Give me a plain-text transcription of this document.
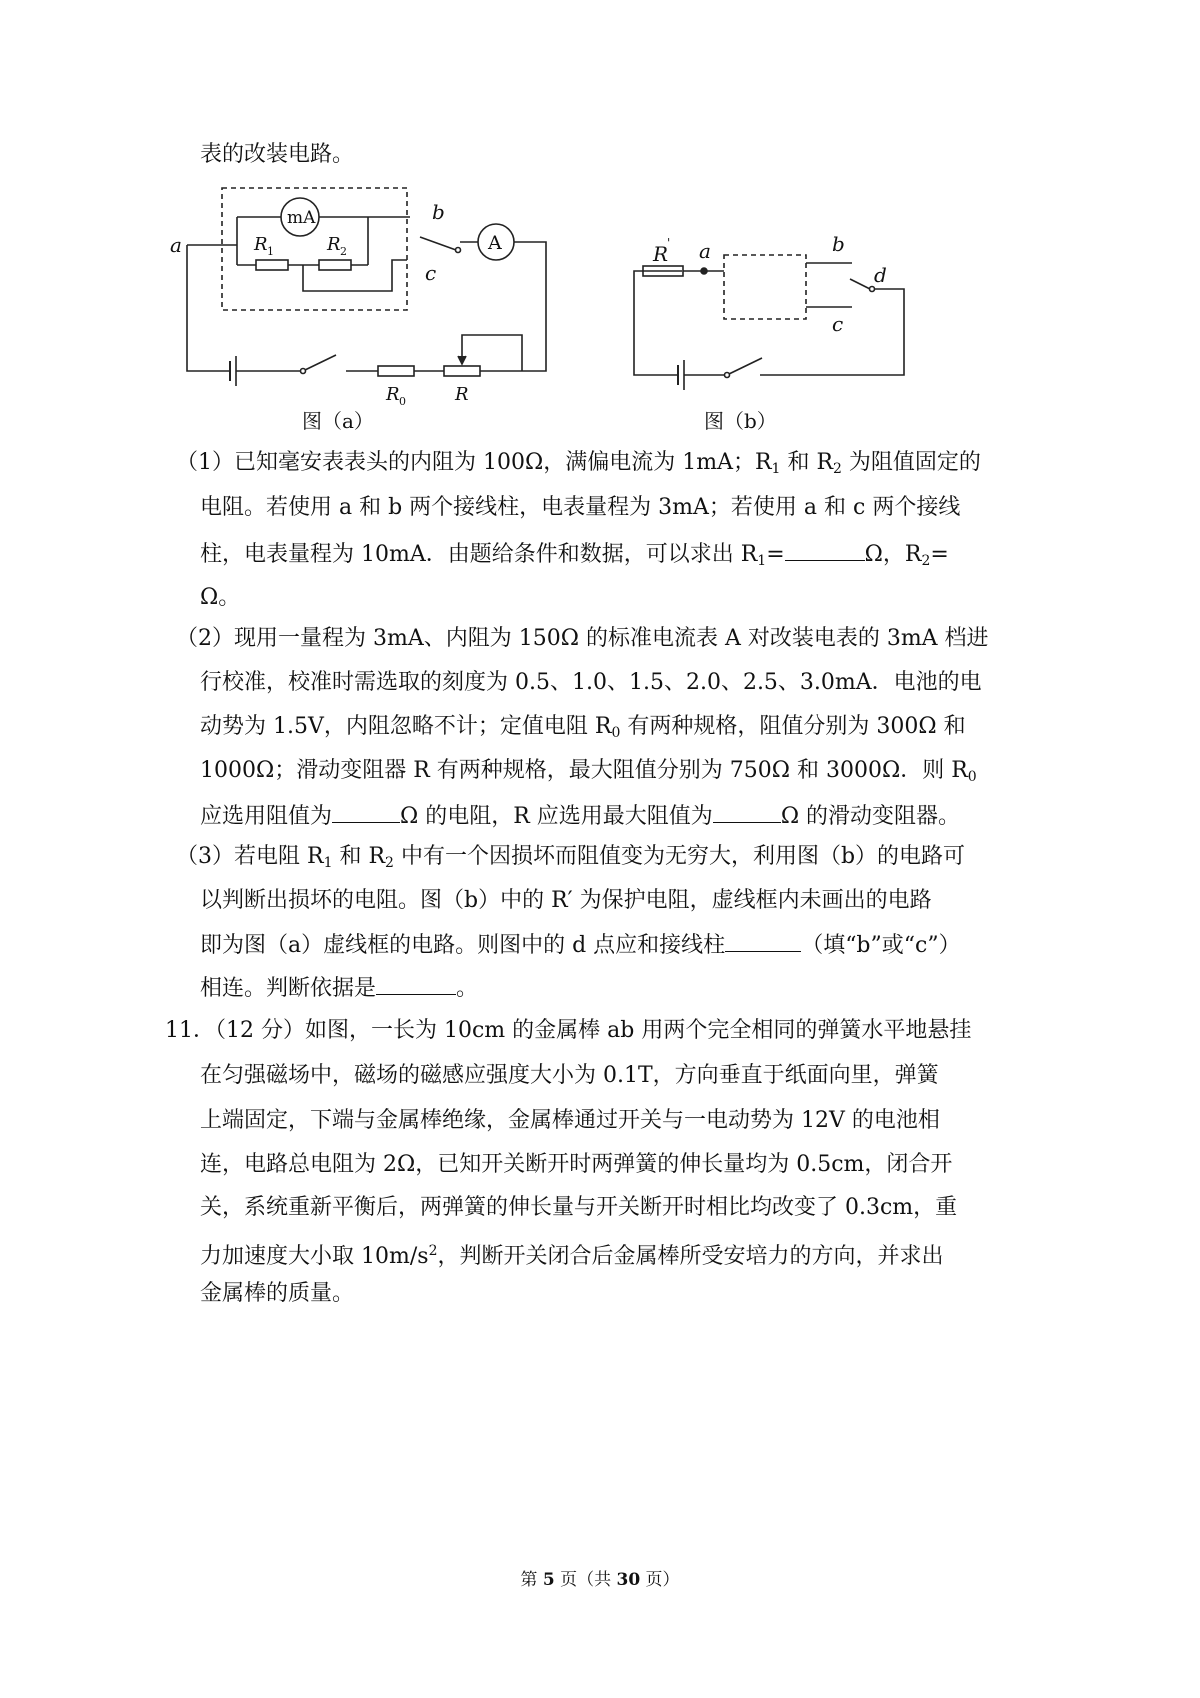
表的改装电路。
mA
A
a
b
c
R 1	R 2
R 0	R
图（a）
R
' a	b
d
c
图（b）
（1）已知毫安表表头的内阻为 100Ω，满偏电流为 1mA；$R_1$ 和 $R_2$ 为阻值固定的
电阻。若使用 a 和 b 两个接线柱，电表量程为 3mA；若使用 a 和 c 两个接线
柱，电表量程为 10mA．由题给条件和数据，可以求出 $R_1=$	Ω，$R_2=$
Ω。
（2）现用一量程为 3mA、内阻为 150Ω 的标准电流表 A 对改装电表的 3mA 档进
行校准，校准时需选取的刻度为 0.5、1.0、1.5、2.0、2.5、3.0mA．电池的电
动势为 1.5V，内阻忽略不计；定值电阻 $R_0$ 有两种规格，阻值分别为 300Ω 和
1000Ω；滑动变阻器 R 有两种规格，最大阻值分别为 750Ω 和 3000Ω．则 $R_0$
应选用阻值为	Ω 的电阻，R 应选用最大阻值为	Ω 的滑动变阻器。
（3）若电阻 $R_1$ 和 $R_2$ 中有一个因损坏而阻值变为无穷大，利用图（b）的电路可
以判断出损坏的电阻。图（b）中的 R′ 为保护电阻，虚线框内未画出的电路
即为图（a）虚线框的电路。则图中的 d 点应和接线柱	（填“b”或“c”）
相连。判断依据是	。
11．（12 分）如图，一长为 10cm 的金属棒 ab 用两个完全相同的弹簧水平地悬挂
在匀强磁场中，磁场的磁感应强度大小为 0.1T，方向垂直于纸面向里，弹簧
上端固定，下端与金属棒绝缘，金属棒通过开关与一电动势为 12V 的电池相
连，电路总电阻为 2Ω，已知开关断开时两弹簧的伸长量均为 0.5cm，闭合开
关，系统重新平衡后，两弹簧的伸长量与开关断开时相比均改变了 0.3cm，重
力加速度大小取 $10m/s^2$，判断开关闭合后金属棒所受安培力的方向，并求出
金属棒的质量。
第 5 页（共 30 页）
